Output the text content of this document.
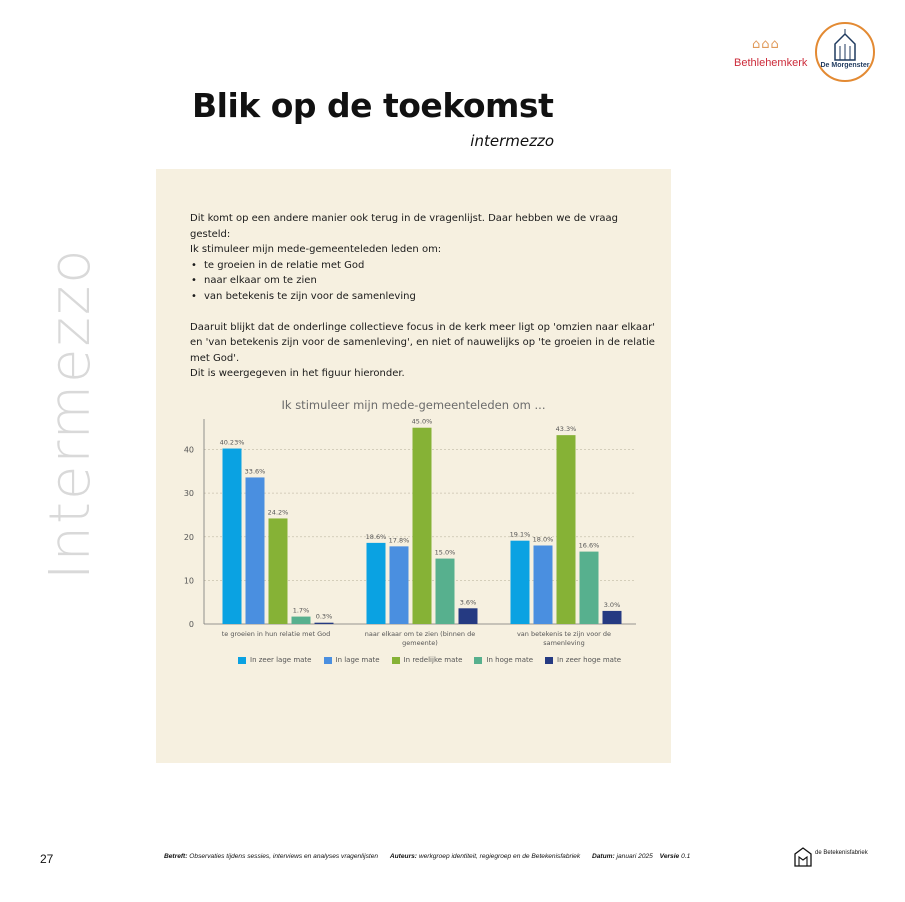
Intermezzo
⌂⌂⌂
Bethlehemkerk	De Morgenster
Blik op de toekomst
intermezzo

Dit komt op een andere manier ook terug in de vragenlijst. Daar hebben we de vraag gesteld:

Ik stimuleer mijn mede-gemeenteleden leden om:

• te groeien in de relatie met God
• naar elkaar om te zien
• van betekenis te zijn voor de samenleving

Daaruit blijkt dat de onderlinge collectieve focus in de kerk meer ligt op 'omzien naar elkaar' en 'van betekenis zijn voor de samenleving', en niet of nauwelijks op 'te groeien in de relatie met God'.

Dit is weergegeven in het figuur hieronder.

Ik stimuleer mijn mede-gemeenteleden om ...
0
10
20
30
40
40.23%
33.6%
24.2%
1.7%
0.3%
te groeien in hun relatie met God
18.6% 17.8%
45.0%
15.0%
3.6%
naar elkaar om te zien (binnen de
gemeente)
19.1%
18.0%
43.3%
16.6%
3.0%
van betekenis te zijn voor de
samenleving
In zeer lage mate	In lage mate	In redelijke mate	In hoge mate	In zeer hoge mate
27	Betreft: Observaties tijdens sessies, interviews en analyses vragenlijsten Auteurs: werkgroep identiteit, regiegroep en de Betekenisfabriek Datum: januari 2025 Versie 0.1	de Betekenisfabriek
